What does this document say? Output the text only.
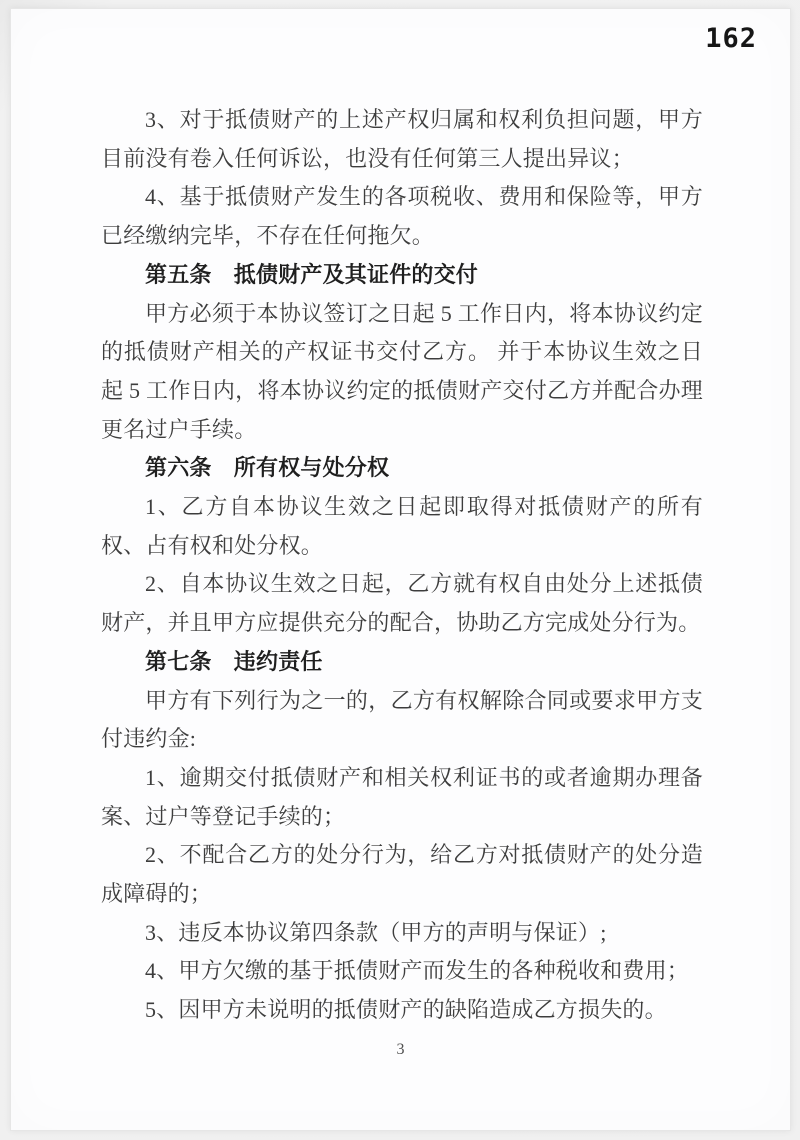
162

3、对于抵债财产的上述产权归属和权利负担问题，甲方目前没有卷入任何诉讼，也没有任何第三人提出异议；

4、基于抵债财产发生的各项税收、费用和保险等，甲方已经缴纳完毕，不存在任何拖欠。

第五条　抵债财产及其证件的交付

甲方必须于本协议签订之日起 5 工作日内，将本协议约定的抵债财产相关的产权证书交付乙方。 并于本协议生效之日起 5 工作日内，将本协议约定的抵债财产交付乙方并配合办理更名过户手续。

第六条　所有权与处分权

1、乙方自本协议生效之日起即取得对抵债财产的所有权、占有权和处分权。

2、自本协议生效之日起，乙方就有权自由处分上述抵债财产，并且甲方应提供充分的配合，协助乙方完成处分行为。

第七条　违约责任

甲方有下列行为之一的，乙方有权解除合同或要求甲方支付违约金:

1、逾期交付抵债财产和相关权利证书的或者逾期办理备案、过户等登记手续的；

2、不配合乙方的处分行为，给乙方对抵债财产的处分造成障碍的；

3、违反本协议第四条款（甲方的声明与保证）;

4、甲方欠缴的基于抵债财产而发生的各种税收和费用；

5、因甲方未说明的抵债财产的缺陷造成乙方损失的。

3
